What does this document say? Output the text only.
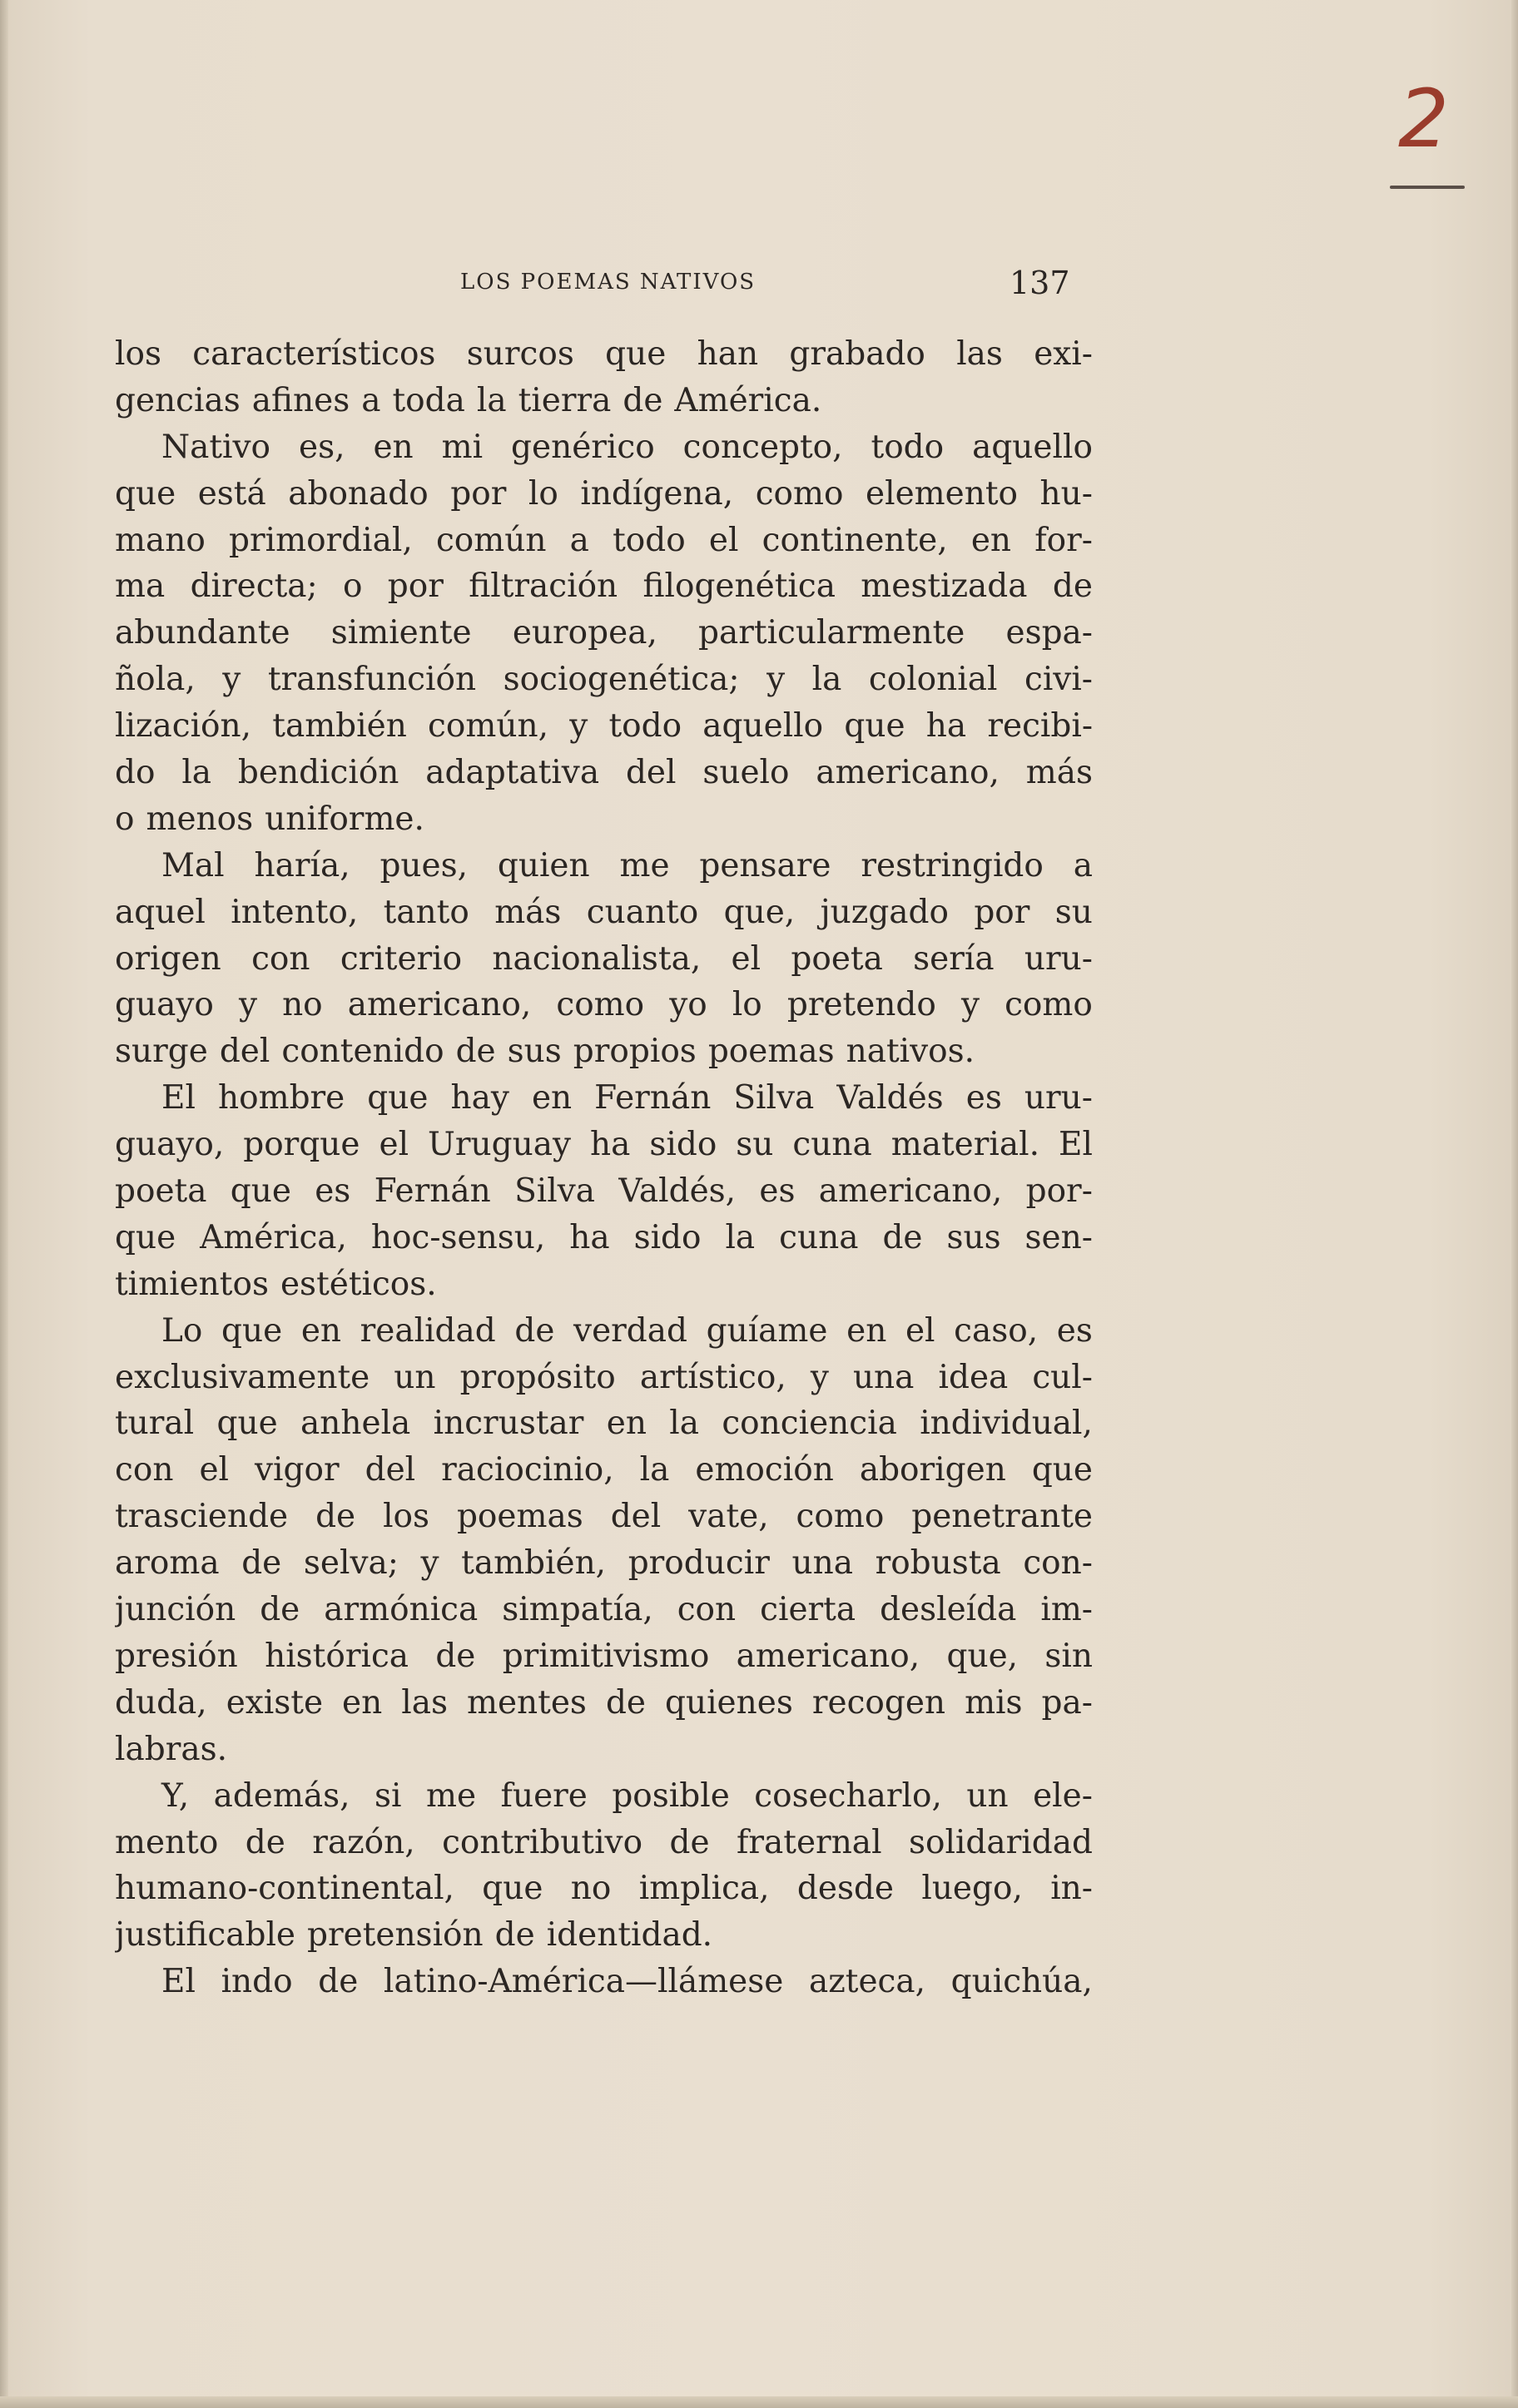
2
LOS POEMAS NATIVOS	137
los característicos surcos que han grabado las exi-
gencias afines a toda la tierra de América.
Nativo es, en mi genérico concepto, todo aquello
que está abonado por lo indígena, como elemento hu-
mano primordial, común a todo el continente, en for-
ma directa; o por filtración filogenética mestizada de
abundante simiente europea, particularmente espa-
ñola, y transfunción sociogenética; y la colonial civi-
lización, también común, y todo aquello que ha recibi-
do la bendición adaptativa del suelo americano, más
o menos uniforme.
Mal haría, pues, quien me pensare restringido a
aquel intento, tanto más cuanto que, juzgado por su
origen con criterio nacionalista, el poeta sería uru-
guayo y no americano, como yo lo pretendo y como
surge del contenido de sus propios poemas nativos.
El hombre que hay en Fernán Silva Valdés es uru-
guayo, porque el Uruguay ha sido su cuna material. El
poeta que es Fernán Silva Valdés, es americano, por-
que América, hoc-sensu, ha sido la cuna de sus sen-
timientos estéticos.
Lo que en realidad de verdad guíame en el caso, es
exclusivamente un propósito artístico, y una idea cul-
tural que anhela incrustar en la conciencia individual,
con el vigor del raciocinio, la emoción aborigen que
trasciende de los poemas del vate, como penetrante
aroma de selva; y también, producir una robusta con-
junción de armónica simpatía, con cierta desleída im-
presión histórica de primitivismo americano, que, sin
duda, existe en las mentes de quienes recogen mis pa-
labras.
Y, además, si me fuere posible cosecharlo, un ele-
mento de razón, contributivo de fraternal solidaridad
humano-continental, que no implica, desde luego, in-
justificable pretensión de identidad.
El indo de latino-América—llámese azteca, quichúa,
